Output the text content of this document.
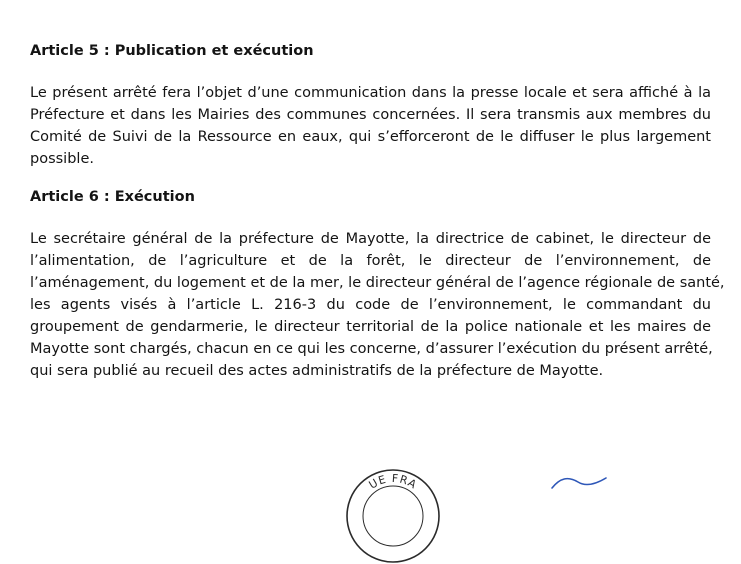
Article 5 : Publication et exécution
Le présent arrêté fera l’objet d’une communication dans la presse locale et sera affiché à la
Préfecture et dans les Mairies des communes concernées. Il sera transmis aux membres du
Comité de Suivi de la Ressource en eaux, qui s’efforceront de le diffuser le plus largement
possible.
Article 6 : Exécution
Le secrétaire général de la préfecture de Mayotte, la directrice de cabinet, le directeur de
l’alimentation, de l’agriculture et de la forêt, le directeur de l’environnement, de
l’aménagement, du logement et de la mer, le directeur général de l’agence régionale de santé,
les agents visés à l’article L. 216-3 du code de l’environnement, le commandant du
groupement de gendarmerie, le directeur territorial de la police nationale et les maires de
Mayotte sont chargés, chacun en ce qui les concerne, d’assurer l’exécution du présent arrêté,
qui sera publié au recueil des actes administratifs de la préfecture de Mayotte.
UE FRA
